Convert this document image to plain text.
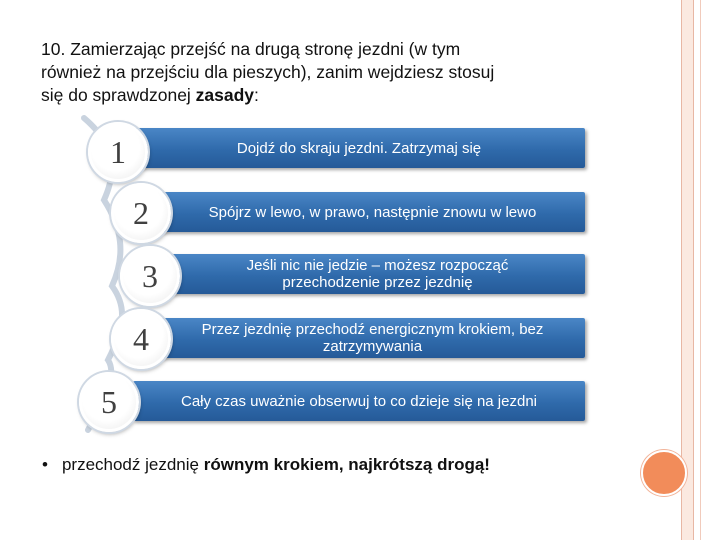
10. Zamierzając przejść na drugą stronę jezdni (w tym
również na przejściu dla pieszych), zanim wejdziesz stosuj
się do sprawdzonej zasady:
Dojdź do skraju jezdni. Zatrzymaj się
1
Spójrz w lewo, w prawo, następnie znowu w lewo
2
Jeśli nic nie jedzie – możesz rozpocząć
przechodzenie przez jezdnię
3
Przez jezdnię przechodź energicznym krokiem, bez
zatrzymywania
4
Cały czas uważnie obserwuj to co dzieje się na jezdni
5
• przechodź jezdnię równym krokiem, najkrótszą drogą!
